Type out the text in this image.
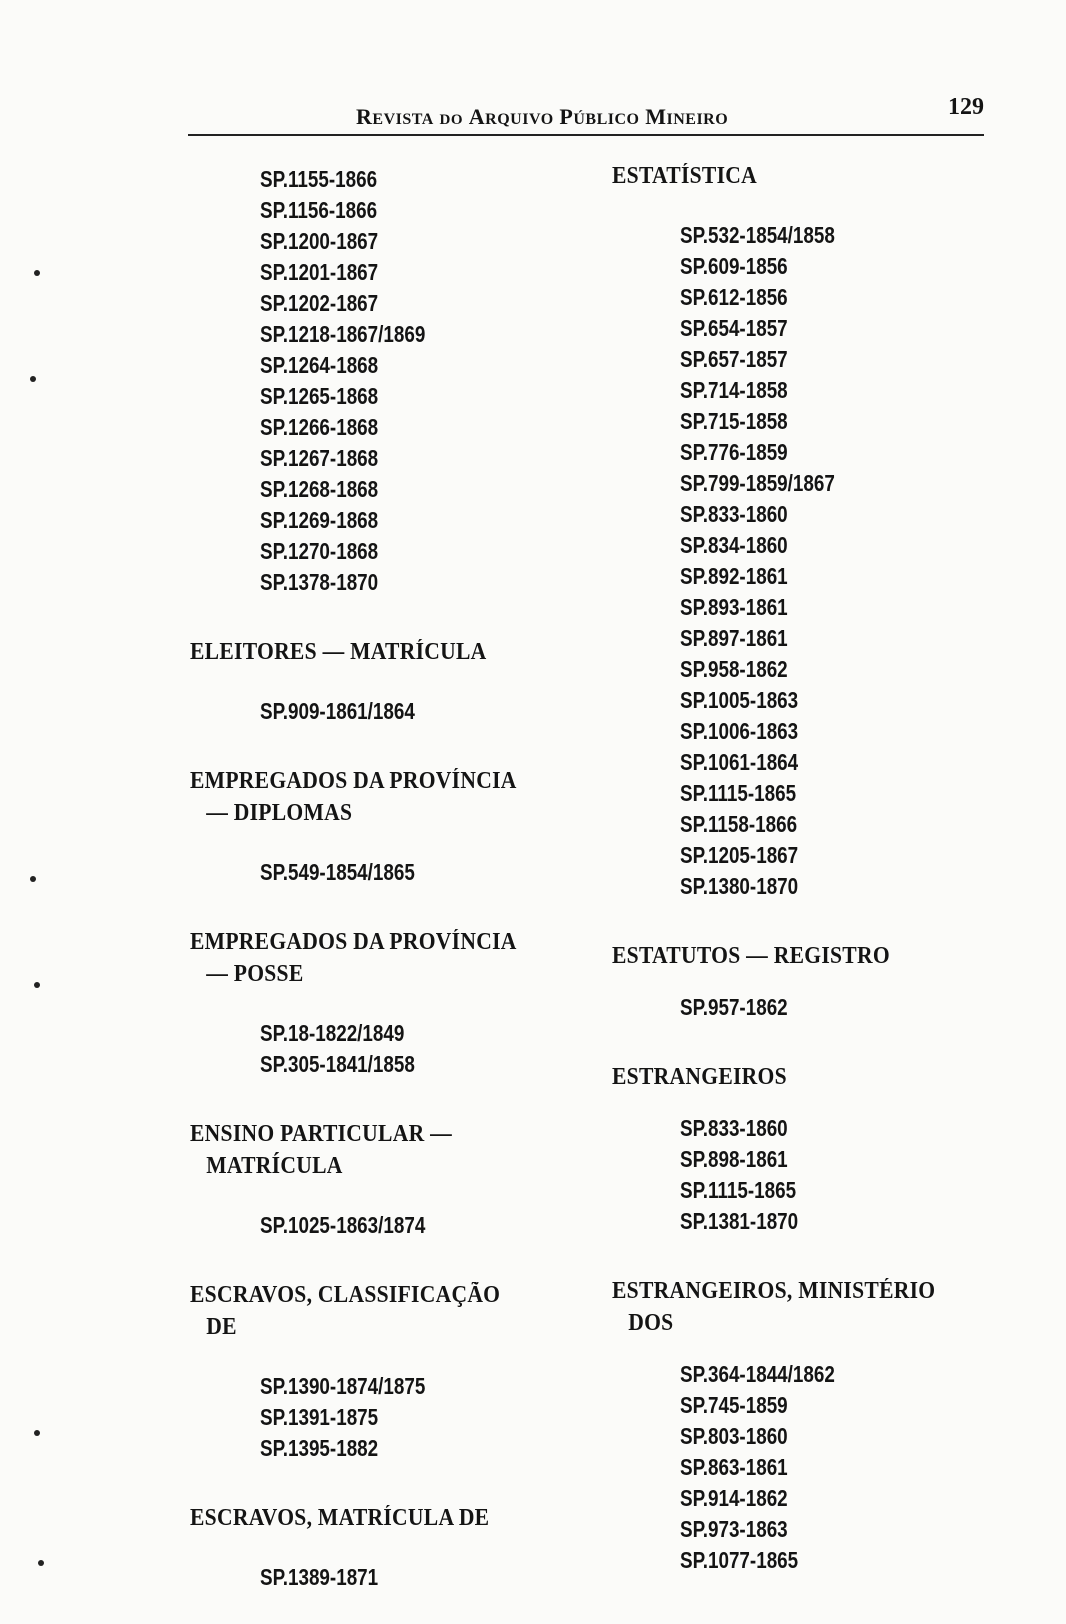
REVISTA DO ARQUIVO PÚBLICO MINEIRO	129
SP.1155-1866
SP.1156-1866
SP.1200-1867
SP.1201-1867
SP.1202-1867
SP.1218-1867/1869
SP.1264-1868
SP.1265-1868
SP.1266-1868
SP.1267-1868
SP.1268-1868
SP.1269-1868
SP.1270-1868
SP.1378-1870
ELEITORES — MATRÍCULA
SP.909-1861/1864
EMPREGADOS DA PROVÍNCIA
— DIPLOMAS
SP.549-1854/1865
EMPREGADOS DA PROVÍNCIA
— POSSE
SP.18-1822/1849
SP.305-1841/1858
ENSINO PARTICULAR —
MATRÍCULA
SP.1025-1863/1874
ESCRAVOS, CLASSIFICAÇÃO
DE
SP.1390-1874/1875
SP.1391-1875
SP.1395-1882
ESCRAVOS, MATRÍCULA DE
SP.1389-1871
ESTATÍSTICA
SP.532-1854/1858
SP.609-1856
SP.612-1856
SP.654-1857
SP.657-1857
SP.714-1858
SP.715-1858
SP.776-1859
SP.799-1859/1867
SP.833-1860
SP.834-1860
SP.892-1861
SP.893-1861
SP.897-1861
SP.958-1862
SP.1005-1863
SP.1006-1863
SP.1061-1864
SP.1115-1865
SP.1158-1866
SP.1205-1867
SP.1380-1870
ESTATUTOS — REGISTRO
SP.957-1862
ESTRANGEIROS
SP.833-1860
SP.898-1861
SP.1115-1865
SP.1381-1870
ESTRANGEIROS, MINISTÉRIO
DOS
SP.364-1844/1862
SP.745-1859
SP.803-1860
SP.863-1861
SP.914-1862
SP.973-1863
SP.1077-1865
